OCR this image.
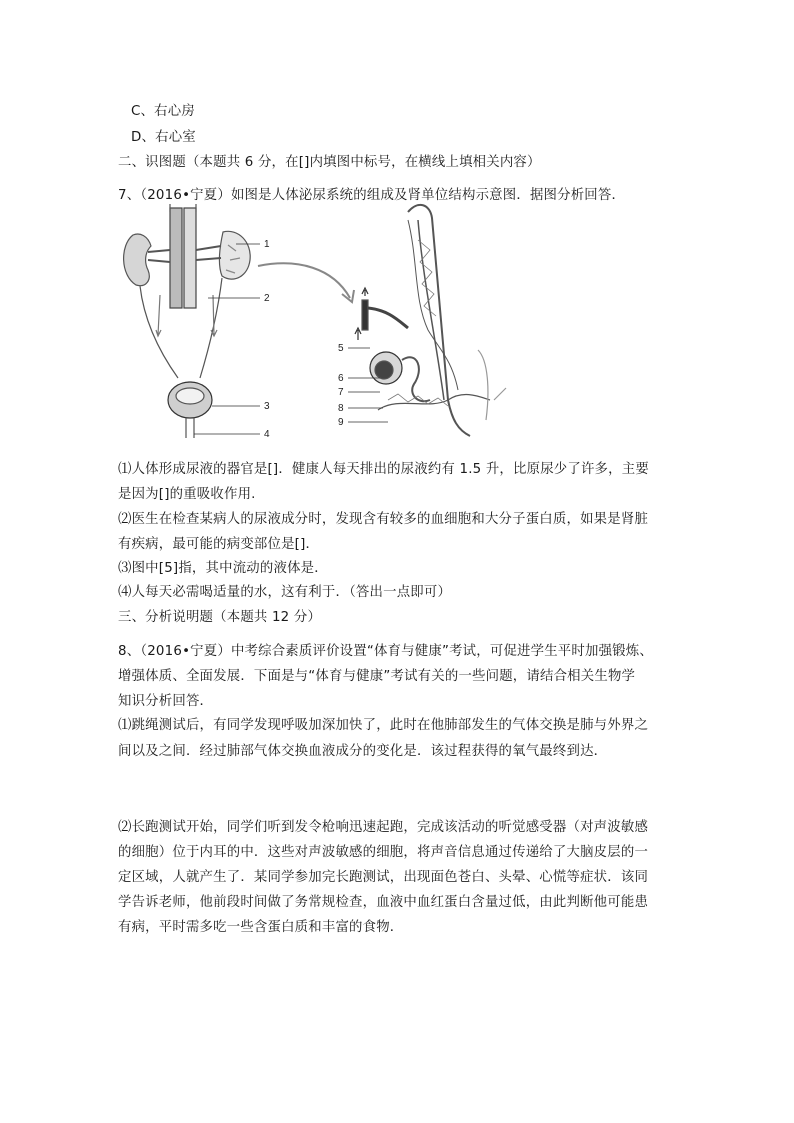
C、右心房
D、右心室
二、识图题（本题共 6 分，在[]内填图中标号，在横线上填相关内容）
7、（2016•宁夏）如图是人体泌尿系统的组成及肾单位结构示意图．据图分析回答．
1
2
3
4
5
6
7
8
9
⑴人体形成尿液的器官是[]．健康人每天排出的尿液约有 1.5 升，比原尿少了许多，主要
是因为[]的重吸收作用.
⑵医生在检查某病人的尿液成分时，发现含有较多的血细胞和大分子蛋白质，如果是肾脏
有疾病，最可能的病变部位是[]．
⑶图中[5]指，其中流动的液体是．
⑷人每天必需喝适量的水，这有利于．（答出一点即可）
三、分析说明题（本题共 12 分）
8、（2016•宁夏）中考综合素质评价设置“体育与健康”考试，可促进学生平时加强锻炼、
增强体质、全面发展．下面是与“体育与健康”考试有关的一些问题，请结合相关生物学
知识分析回答．
⑴跳绳测试后，有同学发现呼吸加深加快了，此时在他肺部发生的气体交换是肺与外界之
间以及之间．经过肺部气体交换血液成分的变化是．该过程获得的氧气最终到达．
⑵长跑测试开始，同学们听到发令枪响迅速起跑，完成该活动的听觉感受器（对声波敏感
的细胞）位于内耳的中．这些对声波敏感的细胞，将声音信息通过传递给了大脑皮层的一
定区域，人就产生了．某同学参加完长跑测试，出现面色苍白、头晕、心慌等症状．该同
学告诉老师，他前段时间做了务常规检查，血液中血红蛋白含量过低，由此判断他可能患
有病，平时需多吃一些含蛋白质和丰富的食物．
